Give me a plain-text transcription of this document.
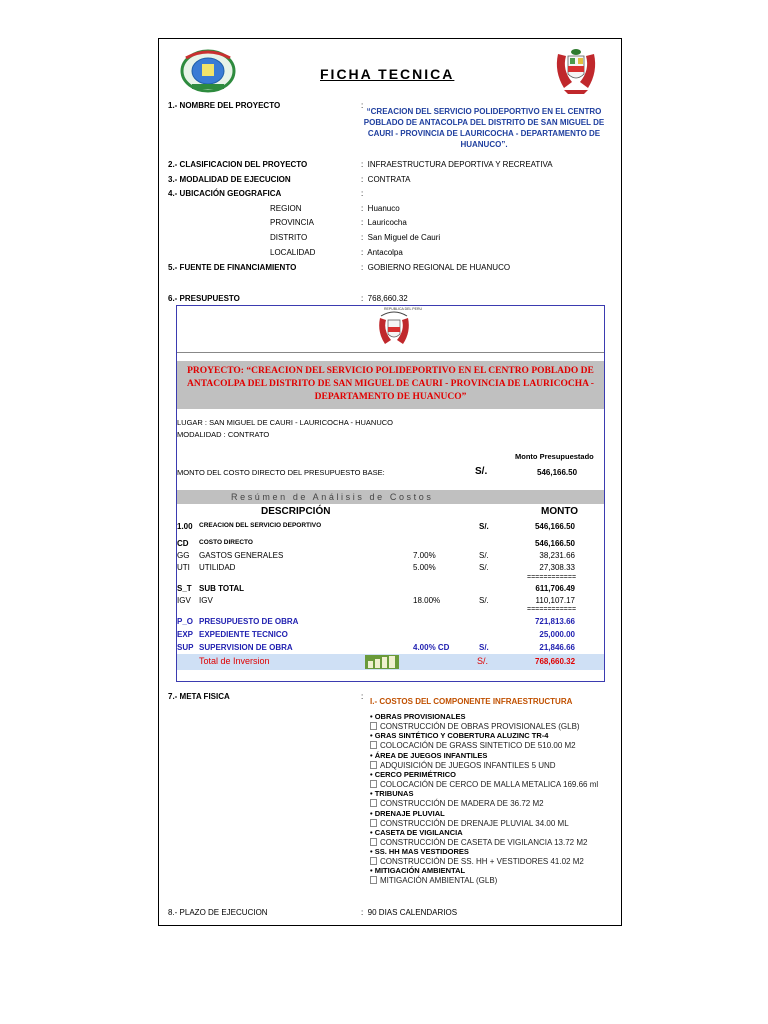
FICHA TECNICA
1.- NOMBRE DEL PROYECTO	:
“CREACION DEL SERVICIO POLIDEPORTIVO EN EL CENTRO POBLADO DE ANTACOLPA DEL DISTRITO DE SAN MIGUEL DE CAURI - PROVINCIA DE LAURICOCHA - DEPARTAMENTO DE HUANUCO”.
2.- CLASIFICACION DEL PROYECTO	:  INFRAESTRUCTURA DEPORTIVA Y RECREATIVA
3.- MODALIDAD DE EJECUCION	:  CONTRATA
4.- UBICACIÓN GEOGRAFICA	:
REGION	:  Huanuco
PROVINCIA	:  Lauricocha
DISTRITO	:  San Miguel de Cauri
LOCALIDAD	:  Antacolpa
5.- FUENTE DE FINANCIAMIENTO	:  GOBIERNO REGIONAL DE HUANUCO
6.- PRESUPUESTO	:  768,660.32
REPUBLICA DEL PERU
PROYECTO: “CREACION DEL SERVICIO POLIDEPORTIVO EN EL CENTRO POBLADO DE ANTACOLPA DEL DISTRITO DE SAN MIGUEL DE CAURI - PROVINCIA DE LAURICOCHA - DEPARTAMENTO DE HUANUCO”
LUGAR : SAN MIGUEL DE CAURI - LAURICOCHA - HUANUCO
MODALIDAD : CONTRATO
Monto Presupuestado
MONTO DEL COSTO DIRECTO DEL PRESUPUESTO BASE:	S/.	546,166.50
Resúmen de Análisis de Costos
DESCRIPCIÓN	MONTO
1.00 CREACION DEL SERVICIO DEPORTIVO	S/.	546,166.50
CD COSTO DIRECTO	546,166.50
GG GASTOS GENERALES	7.00%	S/.	38,231.66
UTI UTILIDAD	5.00%	S/.	27,308.33
S_T SUB TOTAL	611,706.49
IGV IGV	18.00%	S/.	110,107.17
P_O PRESUPUESTO DE OBRA	721,813.66
EXP EXPEDIENTE TECNICO	25,000.00
SUP SUPERVISION DE OBRA	4.00% CD	S/.	21,846.66
============
============
Total de Inversion	S/.	768,660.32
7.- META FISICA	:
I.- COSTOS DEL COMPONENTE INFRAESTRUCTURA
• OBRAS PROVISIONALES
CONSTRUCCIÓN DE OBRAS PROVISIONALES (GLB)
• GRAS SINTÉTICO Y COBERTURA ALUZINC TR-4
COLOCACIÓN DE GRASS SINTETICO DE 510.00 M2
• ÁREA DE JUEGOS INFANTILES
ADQUISICIÓN DE JUEGOS INFANTILES 5 UND
• CERCO PERIMÉTRICO
COLOCACIÓN DE CERCO DE MALLA METALICA 169.66 ml
• TRIBUNAS
CONSTRUCCIÓN DE MADERA DE 36.72 M2
• DRENAJE PLUVIAL
CONSTRUCCIÓN DE DRENAJE PLUVIAL 34.00 ML
• CASETA DE VIGILANCIA
CONSTRUCCIÓN DE CASETA DE VIGILANCIA 13.72 M2
• SS. HH MAS VESTIDORES
CONSTRUCCIÓN DE SS. HH + VESTIDORES 41.02 M2
• MITIGACIÓN AMBIENTAL
MITIGACIÓN AMBIENTAL (GLB)
8.- PLAZO DE EJECUCION	:  90 DIAS CALENDARIOS
